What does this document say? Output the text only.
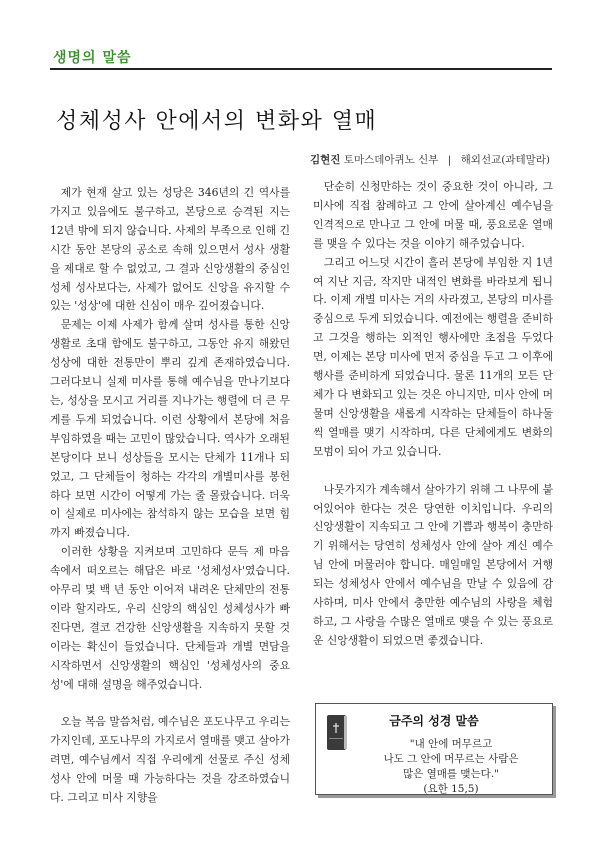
생명의 말씀
성체성사 안에서의 변화와 열매
김현진 토마스데아퀴노 신부 | 해외선교(과테말라)

제가 현재 살고 있는 성당은 346년의 긴 역사를 가지고 있음에도 불구하고, 본당으로 승격된 지는 12년 밖에 되지 않습니다. 사제의 부족으로 인해 긴 시간 동안 본당의 공소로 속해 있으면서 성사 생활을 제대로 할 수 없었고, 그 결과 신앙생활의 중심인 성체 성사보다는, 사제가 없어도 신앙을 유지할 수 있는 '성상'에 대한 신심이 매우 깊어졌습니다.

문제는 이제 사제가 함께 살며 성사를 통한 신앙생활로 초대 함에도 불구하고, 그동안 유지 해왔던 성상에 대한 전통만이 뿌리 깊게 존재하였습니다. 그러다보니 실제 미사를 통해 예수님을 만나기보다는, 성상을 모시고 거리를 지나가는 행렬에 더 큰 무게를 두게 되었습니다. 이런 상황에서 본당에 처음 부임하였을 때는 고민이 많았습니다. 역사가 오래된 본당이다 보니 성상들을 모시는 단체가 11개나 되었고, 그 단체들이 청하는 각각의 개별미사를 봉헌하다 보면 시간이 어떻게 가는 줄 몰랐습니다. 더욱이 실제로 미사에는 참석하지 않는 모습을 보면 힘까지 빠졌습니다.

이러한 상황을 지켜보며 고민하다 문득 제 마음 속에서 떠오르는 해답은 바로 '성체성사'였습니다. 아무리 몇 백 년 동안 이어져 내려온 단체만의 전통이라 할지라도, 우리 신앙의 핵심인 성체성사가 빠진다면, 결코 건강한 신앙생활을 지속하지 못할 것이라는 확신이 들었습니다. 단체들과 개별 면담을 시작하면서 신앙생활의 핵심인 '성체성사의 중요성'에 대해 설명을 해주었습니다.

오늘 복음 말씀처럼, 예수님은 포도나무고 우리는 가지인데, 포도나무의 가지로서 열매를 맺고 살아가려면, 예수님께서 직접 우리에게 선물로 주신 성체성사 안에 머물 때 가능하다는 것을 강조하였습니다. 그리고 미사 지향을

단순히 신청만하는 것이 중요한 것이 아니라, 그 미사에 직접 참례하고 그 안에 살아계신 예수님을 인격적으로 만나고 그 안에 머물 때, 풍요로운 열매를 맺을 수 있다는 것을 이야기 해주었습니다.

그리고 어느덧 시간이 흘러 본당에 부임한 지 1년여 지난 지금, 작지만 내적인 변화를 바라보게 됩니다. 이제 개별 미사는 거의 사라졌고, 본당의 미사를 중심으로 두게 되었습니다. 예전에는 행렬을 준비하고 그것을 행하는 외적인 행사에만 초점을 두었다면, 이제는 본당 미사에 먼저 중심을 두고 그 이후에 행사를 준비하게 되었습니다. 물론 11개의 모든 단체가 다 변화되고 있는 것은 아니지만, 미사 안에 머물며 신앙생활을 새롭게 시작하는 단체들이 하나둘씩 열매를 맺기 시작하며, 다른 단체에게도 변화의 모범이 되어 가고 있습니다.

나뭇가지가 계속해서 살아가기 위해 그 나무에 붙어있어야 한다는 것은 당연한 이치입니다. 우리의 신앙생활이 지속되고 그 안에 기쁨과 행복이 충만하기 위해서는 당연히 성체성사 안에 살아 계신 예수님 안에 머물러야 합니다. 매일매일 본당에서 거행되는 성체성사 안에서 예수님을 만날 수 있음에 감사하며, 미사 안에서 충만한 예수님의 사랑을 체험하고, 그 사랑을 수많은 열매로 맺을 수 있는 풍요로운 신앙생활이 되었으면 좋겠습니다.

금주의 성경 말씀
"내 안에 머무르고
나도 그 안에 머무르는 사람은
많은 열매를 맺는다."
(요한 15,5)
